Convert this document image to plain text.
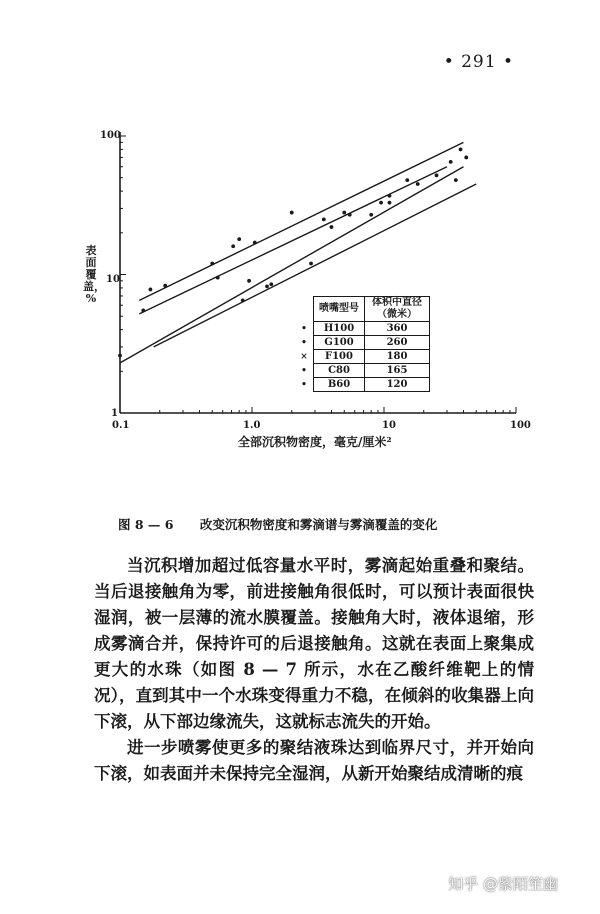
• 291 •
表面覆盖，%
全部沉积物密度，毫克/厘米²
0.1	1.0	10	100
1
10
100
	喷嘴型号	体积中直径（微米）
•	H100	360
•	G100	260
×	F100	180
•	C80	165
•	B60	120
图 8 — 6 改变沉积物密度和雾滴谱与雾滴覆盖的变化

当沉积增加超过低容量水平时，雾滴起始重叠和聚结。当后退接触角为零，前进接触角很低时，可以预计表面很快湿润，被一层薄的流水膜覆盖。接触角大时，液体退缩，形成雾滴合并，保持许可的后退接触角。这就在表面上聚集成更大的水珠（如图 8 — 7 所示，水在乙酸纤维靶上的情况），直到其中一个水珠变得重力不稳，在倾斜的收集器上向下滚，从下部边缘流失，这就标志流失的开始。

进一步喷雾使更多的聚结液珠达到临界尺寸，并开始向下滚，如表面并未保持完全湿润，从新开始聚结成清晰的痕

知乎 @紫陌笙幽
